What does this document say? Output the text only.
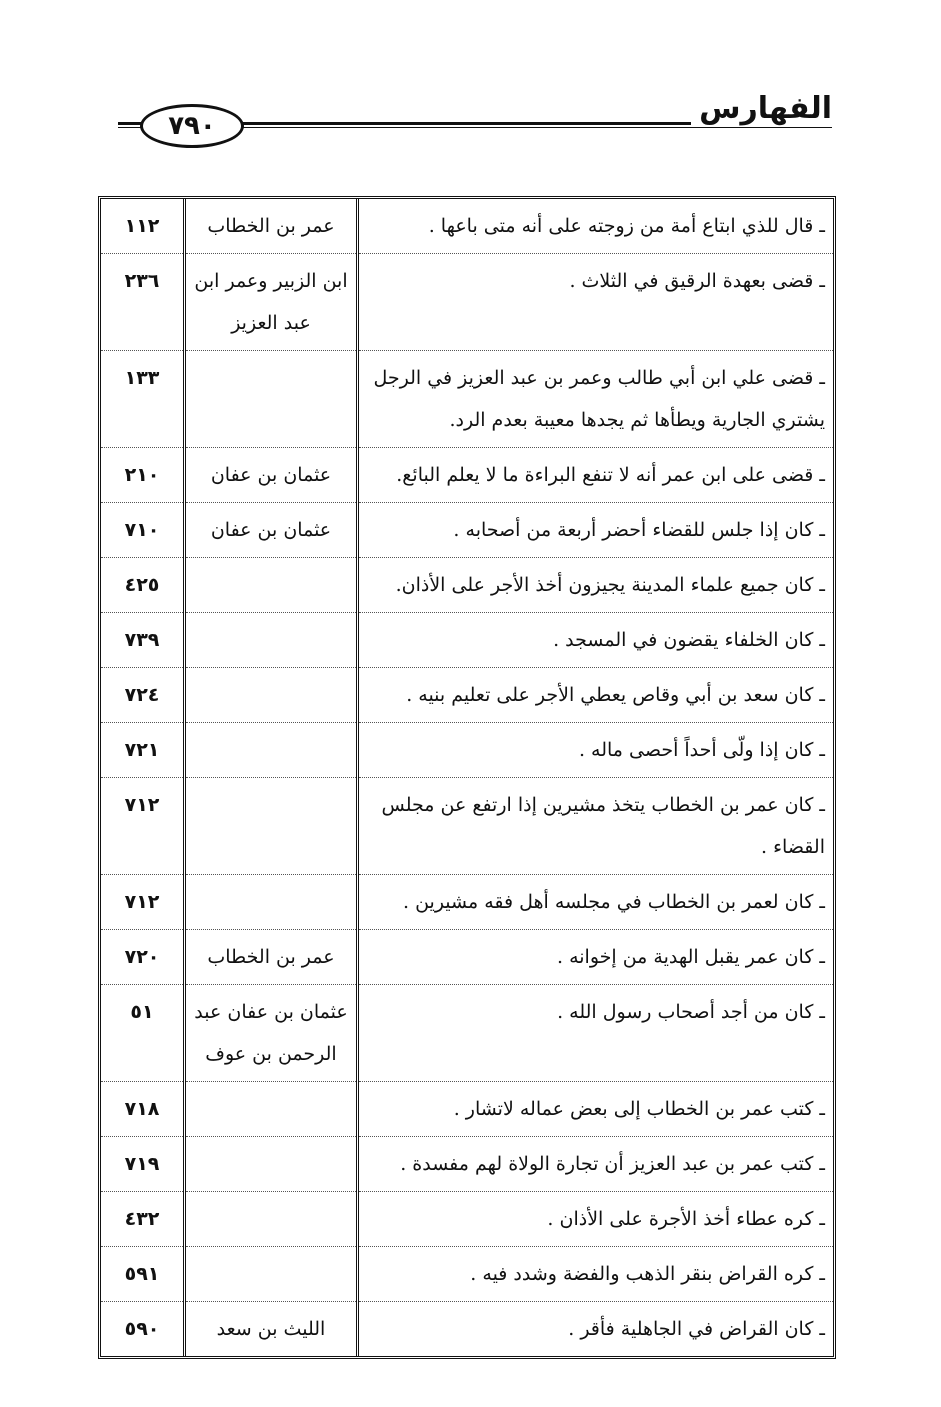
الفهارس
٧٩٠
ـ قال للذي ابتاع أمة من زوجته على أنه متى باعها .	عمر بن الخطاب	١١٢
ـ قضى بعهدة الرقيق في الثلاث .	ابن الزبير وعمر ابن عبد العزيز	٢٣٦
ـ قضى علي ابن أبي طالب وعمر بن عبد العزيز في الرجل يشتري الجارية ويطأها ثم يجدها معيبة بعدم الرد.		١٣٣
ـ قضى على ابن عمر أنه لا تنفع البراءة ما لا يعلم البائع.	عثمان بن عفان	٢١٠
ـ كان إذا جلس للقضاء أحضر أربعة من أصحابه .	عثمان بن عفان	٧١٠
ـ كان جميع علماء المدينة يجيزون أخذ الأجر على الأذان.		٤٢٥
ـ كان الخلفاء يقضون في المسجد .		٧٣٩
ـ كان سعد بن أبي وقاص يعطي الأجر على تعليم بنيه .		٧٢٤
ـ كان إذا ولّى أحداً أحصى ماله .		٧٢١
ـ كان عمر بن الخطاب يتخذ مشيرين إذا ارتفع عن مجلس القضاء .		٧١٢
ـ كان لعمر بن الخطاب في مجلسه أهل فقه مشيرين .		٧١٢
ـ كان عمر يقبل الهدية من إخوانه .	عمر بن الخطاب	٧٢٠
ـ كان من أجد أصحاب رسول الله .	عثمان بن عفان عبد الرحمن بن عوف	٥١
ـ كتب عمر بن الخطاب إلى بعض عماله لاتشار .		٧١٨
ـ كتب عمر بن عبد العزيز أن تجارة الولاة لهم مفسدة .		٧١٩
ـ كره عطاء أخذ الأجرة على الأذان .		٤٣٢
ـ كره القراض بنقر الذهب والفضة وشدد فيه .		٥٩١
ـ كان القراض في الجاهلية فأقر .	الليث بن سعد	٥٩٠
